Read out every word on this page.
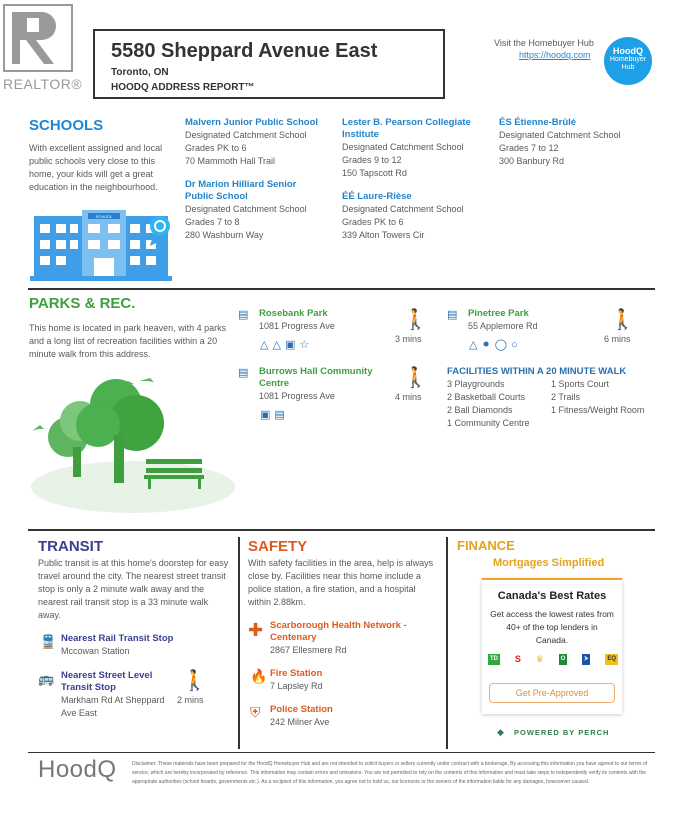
REALTOR®
5580 Sheppard Avenue East
Toronto, ON
HOODQ ADDRESS REPORT™
Visit the Homebuyer Hub
https://hoodq.com	HoodQ
Homebuyer
Hub
SCHOOLS
With excellent assigned and local public schools very close to this home, your kids will get a great education in the neighbourhood.
SCHOOL
Malvern Junior Public School
Designated Catchment School
Grades PK to 6
70 Mammoth Hall Trail
Dr Marion Hilliard Senior Public School
Designated Catchment School
Grades 7 to 8
280 Washburn Way
Lester B. Pearson Collegiate Institute
Designated Catchment School
Grades 9 to 12
150 Tapscott Rd
ÉÉ Laure-Rièse
Designated Catchment School
Grades PK to 6
339 Alton Towers Cir
ÉS Étienne-Brûlé
Designated Catchment School
Grades 7 to 12
300 Banbury Rd
PARKS & REC.
This home is located in park heaven, with 4 parks and a long list of recreation facilities within a 20 minute walk from this address.
▤ Rosebank Park
1081 Progress Ave
△ △ ▣ ☆
🚶
3 mins
▤ Pinetree Park
55 Applemore Rd
△ ⚫ ◯ ○
🚶
6 mins
▤ Burrows Hall Community Centre
1081 Progress Ave
▣ ▤
🚶
4 mins
FACILITIES WITHIN A 20 MINUTE WALK
3 Playgrounds
2 Basketball Courts
2 Ball Diamonds
1 Community Centre
1 Sports Court
2 Trails
1 Fitness/Weight Room
TRANSIT
Public transit is at this home's doorstep for easy travel around the city. The nearest street transit stop is only a 2 minute walk away and the nearest rail transit stop is a 33 minute walk away.
🚆 Nearest Rail Transit Stop
Mccowan Station
🚌 Nearest Street Level Transit Stop
Markham Rd At Sheppard Ave East
🚶
2 mins
SAFETY
With safety facilities in the area, help is always close by. Facilities near this home include a police station, a fire station, and a hospital within 2.88km.
✚ Scarborough Health Network - Centenary
2867 Ellesmere Rd
🔥 Fire Station
7 Lapsley Rd
⛨ Police Station
242 Milner Ave
FINANCE
Mortgages Simplified
Canada's Best Rates
Get access the lowest rates from 40+ of the top lenders in Canada.
TD S ♛	O	⮞	EQ
Get Pre-Approved
◆ POWERED BY PERCH
HoodQ	Disclaimer: These materials have been prepared for the HoodQ Homebuyer Hub and are not intended to solicit buyers or sellers currently under contract with a brokerage. By accessing this information you have agreed to our terms of service, which are hereby incorporated by reference. This information may contain errors and omissions. You are not permitted to rely on the contents of this information and must take steps to independently verify its contents with the appropriate authorities (school boards, governments etc.). As a recipient of this information, you agree not to hold us, our licensors or the owners of the information liable for any damages, howsoever caused.
